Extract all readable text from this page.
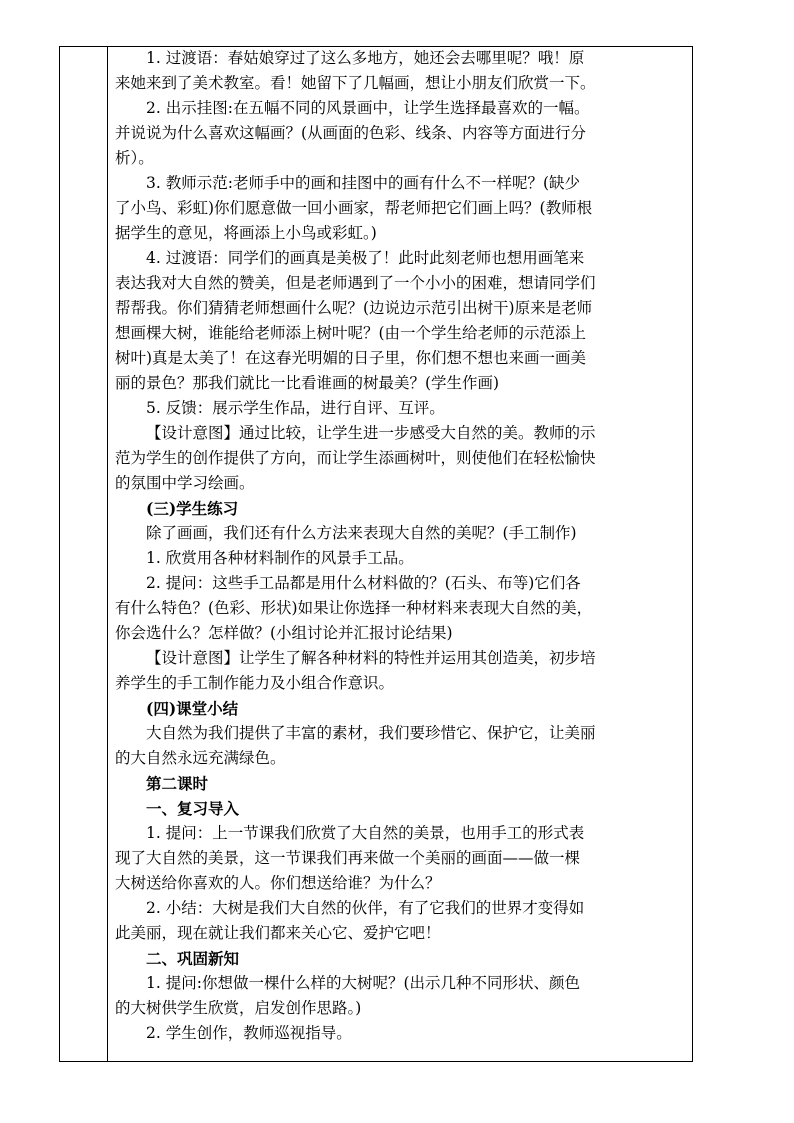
1. 过渡语：春姑娘穿过了这么多地方，她还会去哪里呢？哦！原
来她来到了美术教室。看！她留下了几幅画，想让小朋友们欣赏一下。
2. 出示挂图:在五幅不同的风景画中，让学生选择最喜欢的一幅。
并说说为什么喜欢这幅画？(从画面的色彩、线条、内容等方面进行分
析）。
3. 教师示范:老师手中的画和挂图中的画有什么不一样呢？(缺少
了小鸟、彩虹)你们愿意做一回小画家，帮老师把它们画上吗？(教师根
据学生的意见，将画添上小鸟或彩虹。)
4. 过渡语：同学们的画真是美极了！此时此刻老师也想用画笔来
表达我对大自然的赞美，但是老师遇到了一个小小的困难，想请同学们
帮帮我。你们猜猜老师想画什么呢？(边说边示范引出树干)原来是老师
想画棵大树，谁能给老师添上树叶呢？(由一个学生给老师的示范添上
树叶)真是太美了！在这春光明媚的日子里，你们想不想也来画一画美
丽的景色？那我们就比一比看谁画的树最美？(学生作画)
5. 反馈：展示学生作品，进行自评、互评。
【设计意图】通过比较，让学生进一步感受大自然的美。教师的示
范为学生的创作提供了方向，而让学生添画树叶，则使他们在轻松愉快
的氛围中学习绘画。
(三)学生练习
除了画画，我们还有什么方法来表现大自然的美呢？(手工制作)
1. 欣赏用各种材料制作的风景手工品。
2. 提问：这些手工品都是用什么材料做的？(石头、布等)它们各
有什么特色？(色彩、形状)如果让你选择一种材料来表现大自然的美，
你会选什么？怎样做？(小组讨论并汇报讨论结果)
【设计意图】让学生了解各种材料的特性并运用其创造美，初步培
养学生的手工制作能力及小组合作意识。
(四)课堂小结
大自然为我们提供了丰富的素材，我们要珍惜它、保护它，让美丽
的大自然永远充满绿色。
第二课时
一、复习导入
1. 提问：上一节课我们欣赏了大自然的美景，也用手工的形式表
现了大自然的美景，这一节课我们再来做一个美丽的画面——做一棵
大树送给你喜欢的人。你们想送给谁？为什么？
2. 小结：大树是我们大自然的伙伴，有了它我们的世界才变得如
此美丽，现在就让我们都来关心它、爱护它吧！
二、巩固新知
1. 提问:你想做一棵什么样的大树呢？(出示几种不同形状、颜色
的大树供学生欣赏，启发创作思路。)
2. 学生创作，教师巡视指导。
